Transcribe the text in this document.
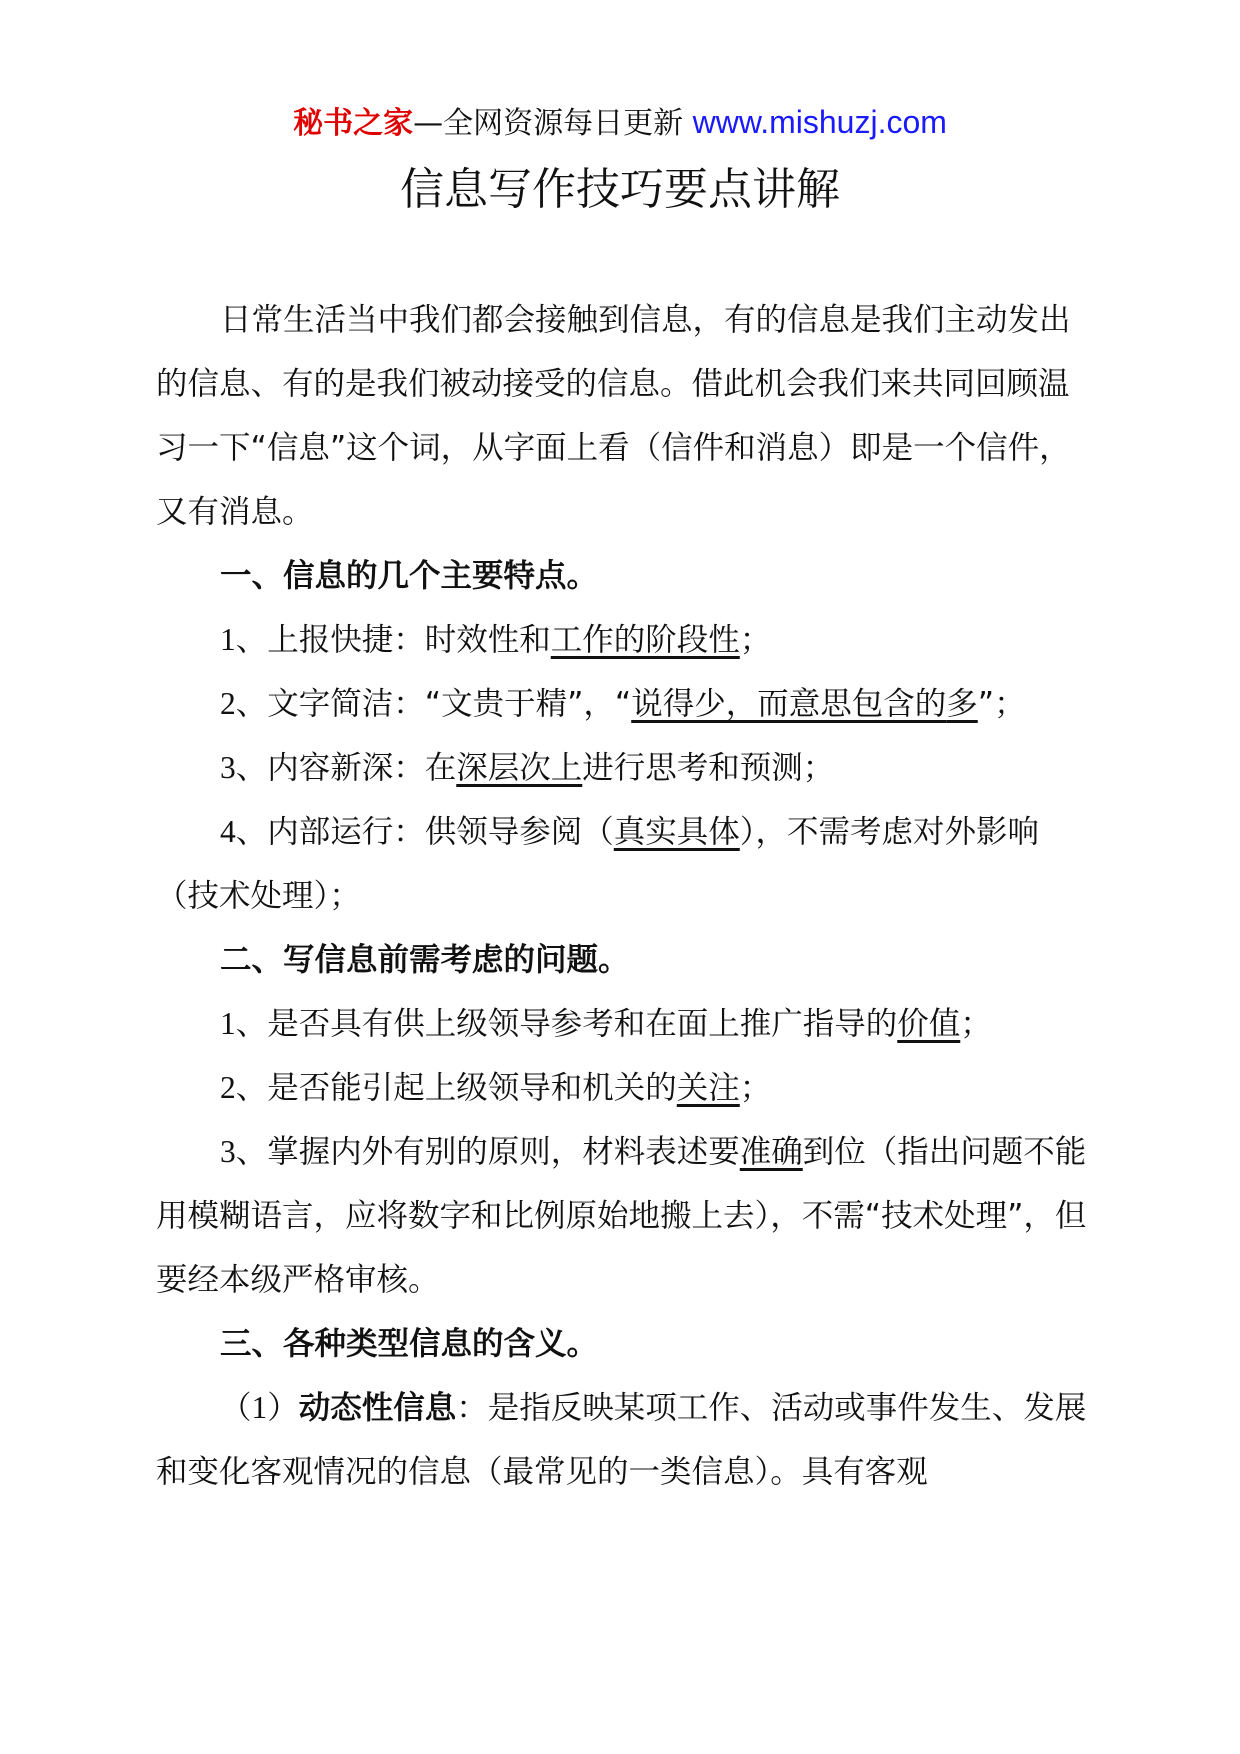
秘书之家—全网资源每日更新 www.mishuzj.com
信息写作技巧要点讲解

日常生活当中我们都会接触到信息，有的信息是我们主动发出的信息、有的是我们被动接受的信息。借此机会我们来共同回顾温习一下“信息”这个词，从字面上看（信件和消息）即是一个信件，又有消息。

一、信息的几个主要特点。

1、上报快捷：时效性和工作的阶段性；

2、文字简洁：“文贵于精”，“说得少，而意思包含的多”；

3、内容新深：在深层次上进行思考和预测；

4、内部运行：供领导参阅（真实具体），不需考虑对外影响（技术处理）；

二、写信息前需考虑的问题。

1、是否具有供上级领导参考和在面上推广指导的价值；

2、是否能引起上级领导和机关的关注；

3、掌握内外有别的原则，材料表述要准确到位（指出问题不能用模糊语言，应将数字和比例原始地搬上去），不需“技术处理”，但要经本级严格审核。

三、各种类型信息的含义。

（1）动态性信息：是指反映某项工作、活动或事件发生、发展和变化客观情况的信息（最常见的一类信息）。具有客观
